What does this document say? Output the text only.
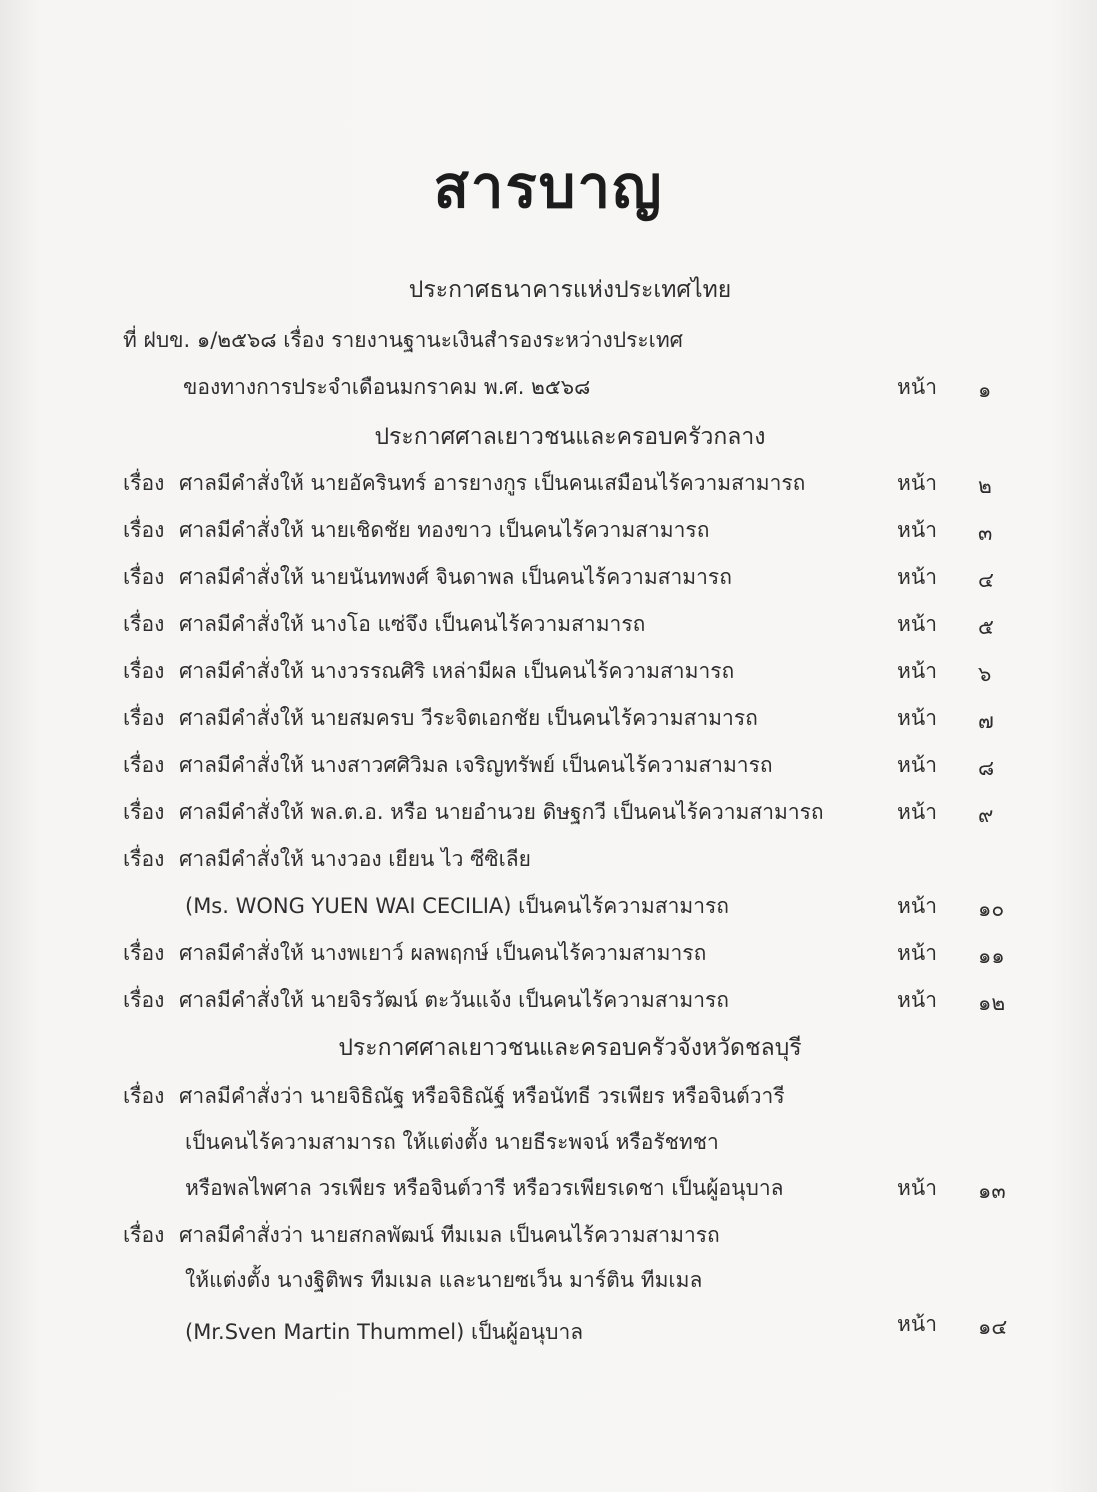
สารบาญ
ประกาศธนาคารแห่งประเทศไทย
ที่ ฝบข. ๑/๒๕๖๘ เรื่อง รายงานฐานะเงินสำรองระหว่างประเทศ
ของทางการประจำเดือนมกราคม พ.ศ. ๒๕๖๘	หน้า ๑
ประกาศศาลเยาวชนและครอบครัวกลาง
เรื่อง ศาลมีคำสั่งให้ นายอัครินทร์ อารยางกูร เป็นคนเสมือนไร้ความสามารถ	หน้า ๒
เรื่อง ศาลมีคำสั่งให้ นายเชิดชัย ทองขาว เป็นคนไร้ความสามารถ	หน้า ๓
เรื่อง ศาลมีคำสั่งให้ นายนันทพงศ์ จินดาพล เป็นคนไร้ความสามารถ	หน้า ๔
เรื่อง ศาลมีคำสั่งให้ นางโอ แซ่จึง เป็นคนไร้ความสามารถ	หน้า ๕
เรื่อง ศาลมีคำสั่งให้ นางวรรณศิริ เหล่ามีผล เป็นคนไร้ความสามารถ	หน้า ๖
เรื่อง ศาลมีคำสั่งให้ นายสมครบ วีระจิตเอกชัย เป็นคนไร้ความสามารถ	หน้า ๗
เรื่อง ศาลมีคำสั่งให้ นางสาวศศิวิมล เจริญทรัพย์ เป็นคนไร้ความสามารถ	หน้า ๘
เรื่อง ศาลมีคำสั่งให้ พล.ต.อ. หรือ นายอำนวย ดิษฐกวี เป็นคนไร้ความสามารถ	หน้า ๙
เรื่อง ศาลมีคำสั่งให้ นางวอง เยียน ไว ซีซิเลีย
(Ms. WONG YUEN WAI CECILIA) เป็นคนไร้ความสามารถ	หน้า ๑๐
เรื่อง ศาลมีคำสั่งให้ นางพเยาว์ ผลพฤกษ์ เป็นคนไร้ความสามารถ	หน้า ๑๑
เรื่อง ศาลมีคำสั่งให้ นายจิรวัฒน์ ตะวันแจ้ง เป็นคนไร้ความสามารถ	หน้า ๑๒
ประกาศศาลเยาวชนและครอบครัวจังหวัดชลบุรี
เรื่อง ศาลมีคำสั่งว่า นายจิธิณัฐ หรือจิธิณัฐ์ หรือนัทธี วรเพียร หรือจินต์วารี
เป็นคนไร้ความสามารถ ให้แต่งตั้ง นายธีระพจน์ หรือรัชทชา
หรือพลไพศาล วรเพียร หรือจินต์วารี หรือวรเพียรเดชา เป็นผู้อนุบาล	หน้า ๑๓
เรื่อง ศาลมีคำสั่งว่า นายสกลพัฒน์ ทีมเมล เป็นคนไร้ความสามารถ
ให้แต่งตั้ง นางฐิติพร ทีมเมล และนายซเว็น มาร์ติน ทีมเมล
(Mr.Sven Martin Thummel) เป็นผู้อนุบาล	หน้า ๑๔
